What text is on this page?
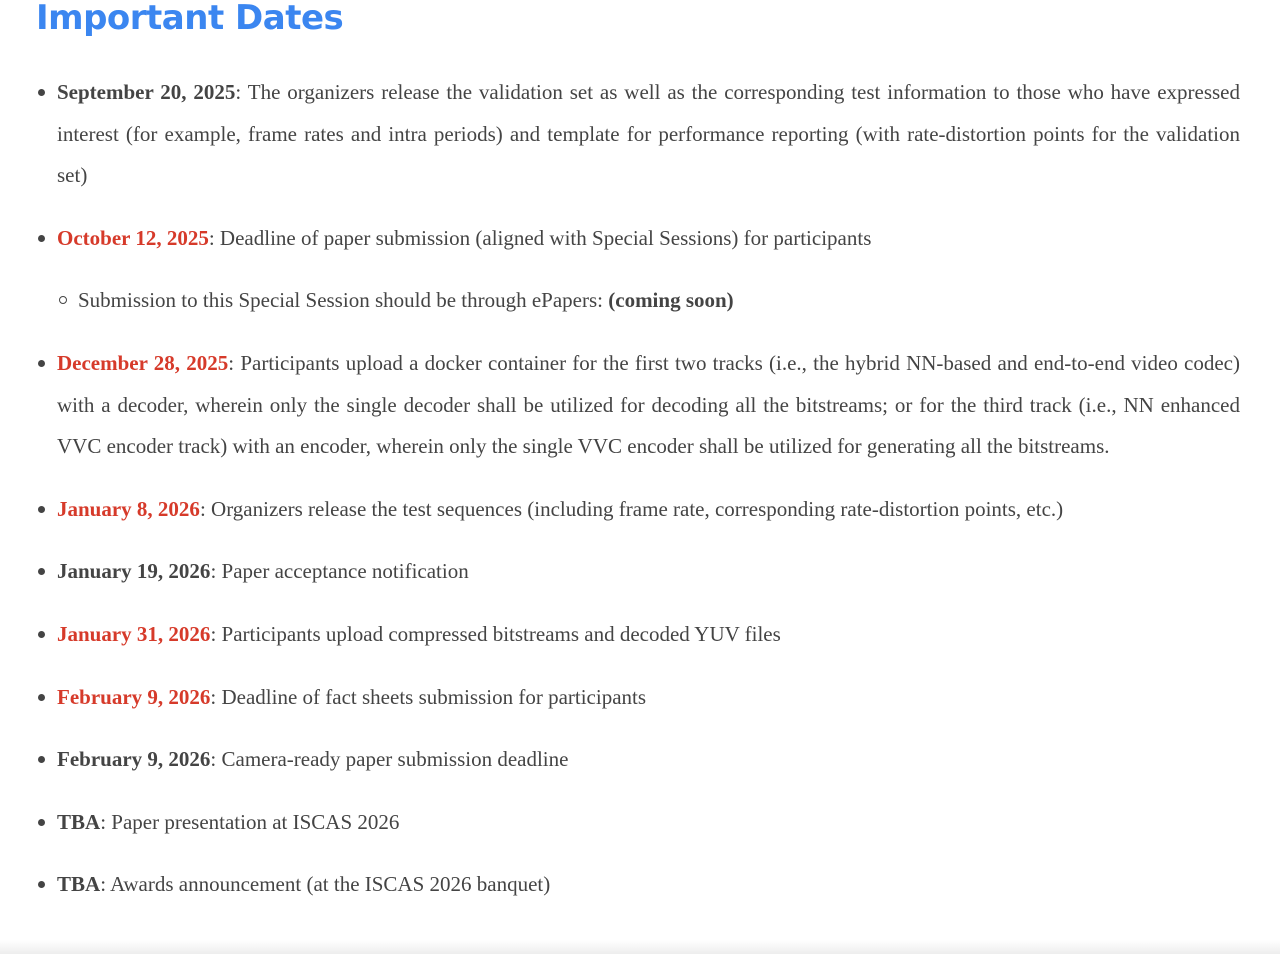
Important Dates
September 20, 2025: The organizers release the validation set as well as the corresponding test information to those who have expressed interest (for example, frame rates and intra periods) and template for performance reporting (with rate-distortion points for the validation set)
October 12, 2025: Deadline of paper submission (aligned with Special Sessions) for participants
Submission to this Special Session should be through ePapers: (coming soon)
December 28, 2025: Participants upload a docker container for the first two tracks (i.e., the hybrid NN-based and end-to-end video codec) with a decoder, wherein only the single decoder shall be utilized for decoding all the bitstreams; or for the third track (i.e., NN enhanced VVC encoder track) with an encoder, wherein only the single VVC encoder shall be utilized for generating all the bitstreams.
January 8, 2026: Organizers release the test sequences (including frame rate, corresponding rate-distortion points, etc.)
January 19, 2026: Paper acceptance notification
January 31, 2026: Participants upload compressed bitstreams and decoded YUV files
February 9, 2026: Deadline of fact sheets submission for participants
February 9, 2026: Camera-ready paper submission deadline
TBA: Paper presentation at ISCAS 2026
TBA: Awards announcement (at the ISCAS 2026 banquet)
